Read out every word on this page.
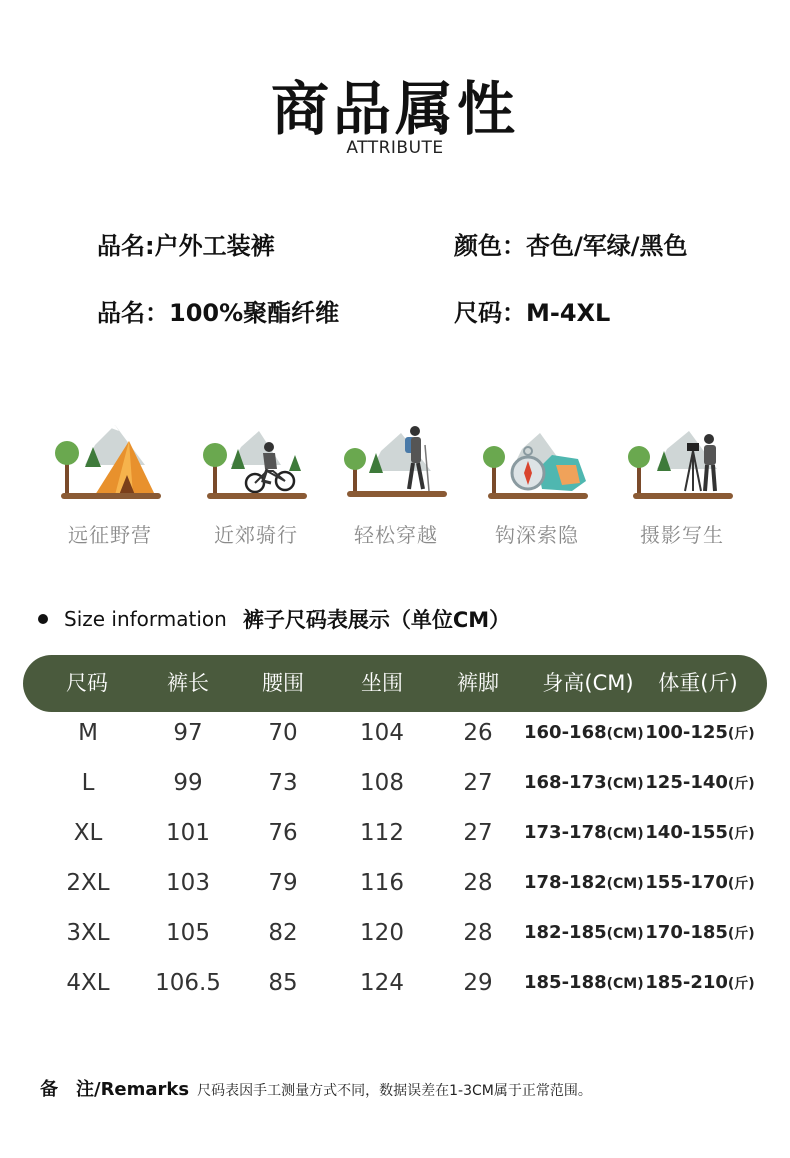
商品属性
ATTRIBUTE
品名:户外工装裤	颜色：杏色/军绿/黑色
品名：100%聚酯纤维	尺码：M-4XL
远征野营	近郊骑行	轻松穿越	钩深索隐	摄影写生
Size information 裤子尺码表展示（单位CM）
尺码	裤长	腰围	坐围	裤脚	身高(CM)	体重(斤)
M	97	70	104	26	160-168(CM) 100-125(斤)
L	99	73	108	27	168-173(CM) 125-140(斤)
XL	101	76	112	27	173-178(CM) 140-155(斤)
2XL	103	79	116	28	178-182(CM) 155-170(斤)
3XL	105	82	120	28	182-185(CM) 170-185(斤)
4XL	106.5	85	124	29	185-188(CM) 185-210(斤)
备　注/Remarks 尺码表因手工测量方式不同，数据误差在1-3CM属于正常范围。
